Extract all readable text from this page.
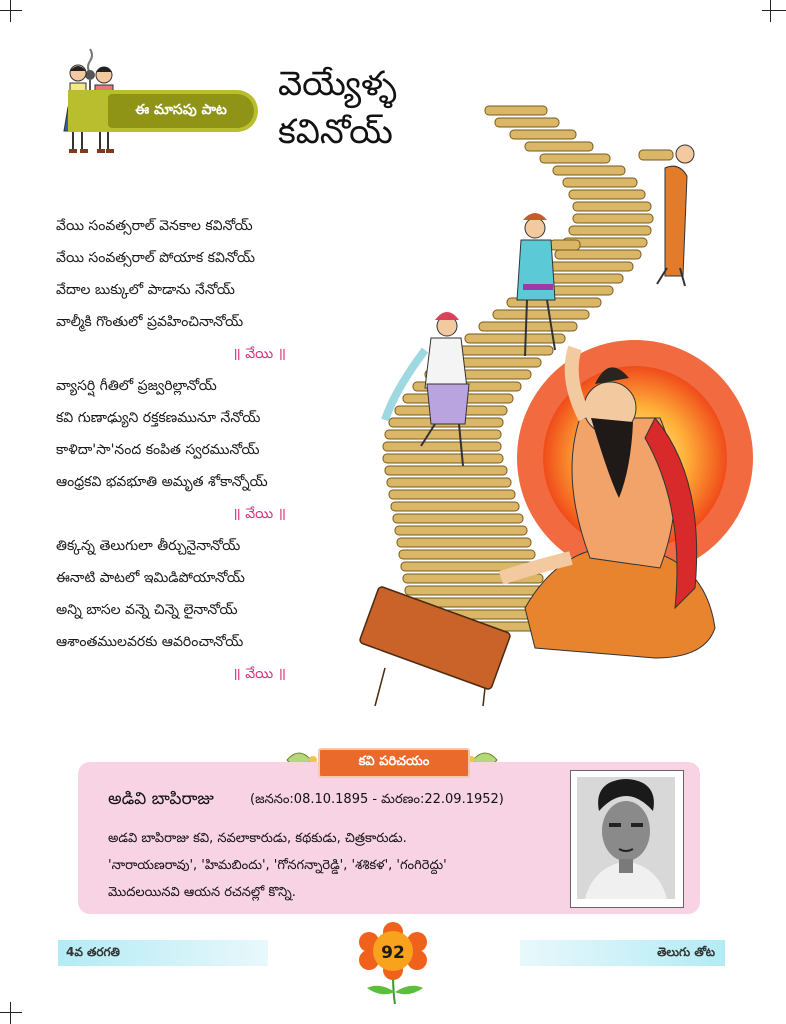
ఈ మాసపు పాట
వెయ్యేళ్ళ కవినోయ్
వేయి సంవత్సరాల్ వెనకాల కవినోయ్
వేయి సంవత్సరాల్ పోయాక కవినోయ్
వేదాల బుక్కులో పాడాను నేనోయ్
వాల్మీకి గొంతులో ప్రవహించినానోయ్
॥ వేయి ॥
వ్యాసర్షి గీతిలో ప్రజ్వరిల్లానోయ్
కవి గుణాఢ్యుని రక్తకణమునూ నేనోయ్
కాళిదా'సా'నంద కంపిత స్వరమునోయ్
ఆంధ్రకవి భవభూతి అమృత శోకాన్నోయ్
॥ వేయి ॥
తిక్కన్న తెలుగులా తీర్చునైనానోయ్
ఈనాటి పాటలో ఇమిడిపోయానోయ్
అన్ని బాసల వన్నె చిన్నె లైనానోయ్
ఆశాంతములవరకు ఆవరించానోయ్
॥ వేయి ॥
కవి పరిచయం
అడివి బాపిరాజు	(జననం:08.10.1895 - మరణం:22.09.1952)
అడవి బాపిరాజు కవి, నవలాకారుడు, కథకుడు, చిత్రకారుడు.
'నారాయణరావు', 'హిమబిందు', 'గోనగన్నారెడ్డి', 'శశికళ', 'గంగిరెద్దు'
మొదలయినవి ఆయన రచనల్లో కొన్ని.
4వ తరగతి	92	తెలుగు తోట
